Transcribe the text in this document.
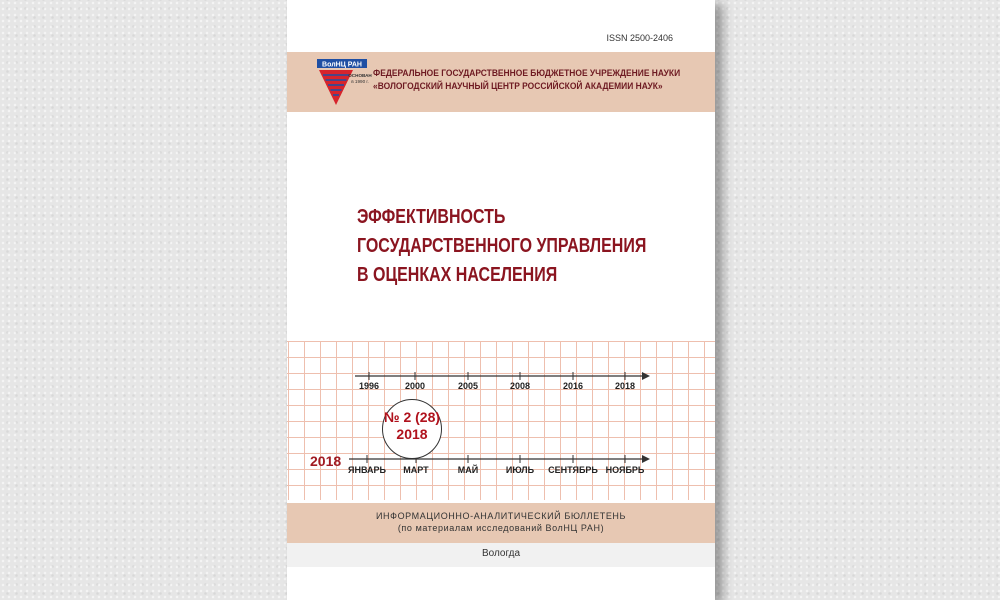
ISSN 2500-2406
ВолНЦ РАН
ОСНОВАН
в 1990 г.
ФЕДЕРАЛЬНОЕ ГОСУДАРСТВЕННОЕ БЮДЖЕТНОЕ УЧРЕЖДЕНИЕ НАУКИ
«ВОЛОГОДСКИЙ НАУЧНЫЙ ЦЕНТР РОССИЙСКОЙ АКАДЕМИИ НАУК»
ЭФФЕКТИВНОСТЬ
ГОСУДАРСТВЕННОГО УПРАВЛЕНИЯ
В ОЦЕНКАХ НАСЕЛЕНИЯ
1996	2000	2005	2008	2016	2018
ЯНВАРЬ МАРТ	МАЙ	ИЮЛЬ СЕНТЯБРЬ НОЯБРЬ
2018
№ 2 (28)
2018
ИНФОРМАЦИОННО-АНАЛИТИЧЕСКИЙ БЮЛЛЕТЕНЬ
(по материалам исследований ВолНЦ РАН)
Вологда
